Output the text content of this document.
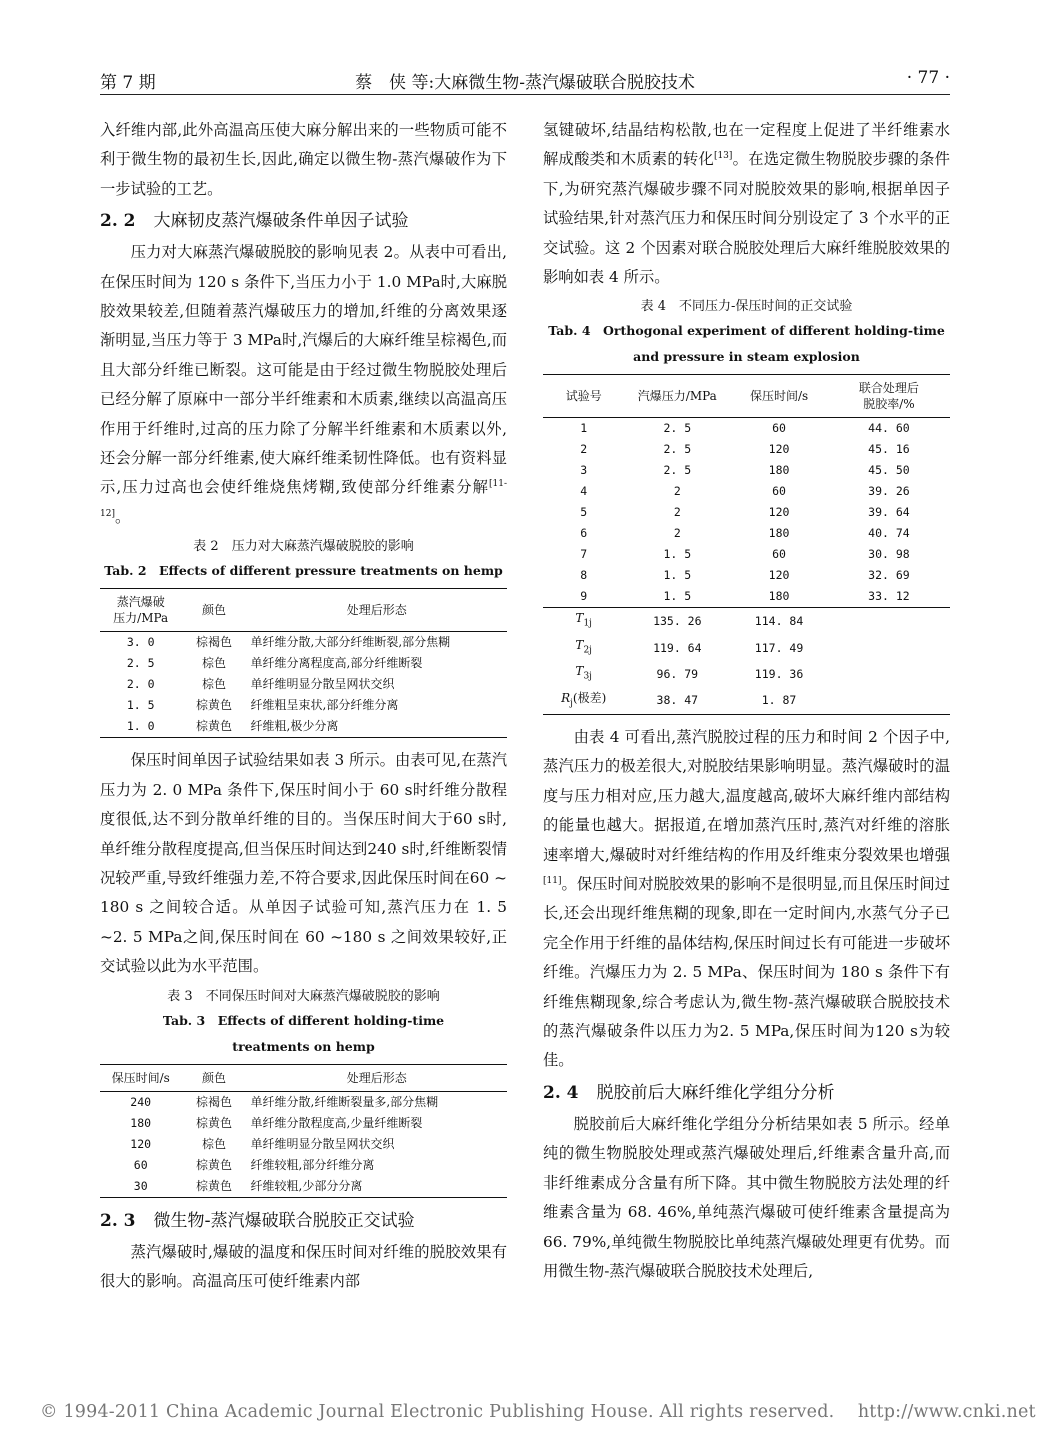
第 7 期	蔡　侠 等:大麻微生物-蒸汽爆破联合脱胶技术	· 77 ·

入纤维内部,此外高温高压使大麻分解出来的一些物质可能不利于微生物的最初生长,因此,确定以微生物-蒸汽爆破作为下一步试验的工艺。

2. 2 大麻韧皮蒸汽爆破条件单因子试验

压力对大麻蒸汽爆破脱胶的影响见表 2。从表中可看出,在保压时间为 120 s 条件下,当压力小于 1.0 MPa时,大麻脱胶效果较差,但随着蒸汽爆破压力的增加,纤维的分离效果逐渐明显,当压力等于 3 MPa时,汽爆后的大麻纤维呈棕褐色,而且大部分纤维已断裂。这可能是由于经过微生物脱胶处理后已经分解了原麻中一部分半纤维素和木质素,继续以高温高压作用于纤维时,过高的压力除了分解半纤维素和木质素以外,还会分解一部分纤维素,使大麻纤维柔韧性降低。也有资料显示,压力过高也会使纤维烧焦烤糊,致使部分纤维素分解[11-12]。

表 2　压力对大麻蒸汽爆破脱胶的影响
Tab. 2　Effects of different pressure treatments on hemp
蒸汽爆破
压力/MPa	颜色	处理后形态
3. 0	棕褐色	单纤维分散,大部分纤维断裂,部分焦糊
2. 5	棕色	单纤维分离程度高,部分纤维断裂
2. 0	棕色	单纤维明显分散呈网状交织
1. 5	棕黄色	纤维粗呈束状,部分纤维分离
1. 0	棕黄色	纤维粗,极少分离

保压时间单因子试验结果如表 3 所示。由表可见,在蒸汽压力为 2. 0 MPa 条件下,保压时间小于 60 s时纤维分散程度很低,达不到分散单纤维的目的。当保压时间大于60 s时,单纤维分散程度提高,但当保压时间达到240 s时,纤维断裂情况较严重,导致纤维强力差,不符合要求,因此保压时间在60 ~ 180 s 之间较合适。从单因子试验可知,蒸汽压力在 1. 5 ~2. 5 MPa之间,保压时间在 60 ~180 s 之间效果较好,正交试验以此为水平范围。

表 3　不同保压时间对大麻蒸汽爆破脱胶的影响
Tab. 3　Effects of different holding-time
treatments on hemp
保压时间/s	颜色	处理后形态
240	棕褐色	单纤维分散,纤维断裂量多,部分焦糊
180	棕黄色	单纤维分散程度高,少量纤维断裂
120	棕色	单纤维明显分散呈网状交织
60	棕黄色	纤维较粗,部分纤维分离
30	棕黄色	纤维较粗,少部分分离
2. 3 微生物-蒸汽爆破联合脱胶正交试验

蒸汽爆破时,爆破的温度和保压时间对纤维的脱胶效果有很大的影响。高温高压可使纤维素内部

氢键破坏,结晶结构松散,也在一定程度上促进了半纤维素水解成酸类和木质素的转化[13]。在选定微生物脱胶步骤的条件下,为研究蒸汽爆破步骤不同对脱胶效果的影响,根据单因子试验结果,针对蒸汽压力和保压时间分别设定了 3 个水平的正交试验。这 2 个因素对联合脱胶处理后大麻纤维脱胶效果的影响如表 4 所示。

表 4　不同压力-保压时间的正交试验
Tab. 4　Orthogonal experiment of different holding-time
and pressure in steam explosion
试验号	汽爆压力/MPa	保压时间/s	联合处理后
脱胶率/%
1	2. 5	60	44. 60
2	2. 5	120	45. 16
3	2. 5	180	45. 50
4	2	60	39. 26
5	2	120	39. 64
6	2	180	40. 74
7	1. 5	60	30. 98
8	1. 5	120	32. 69
9	1. 5	180	33. 12
$T_{1j}$	135. 26	114. 84	
$T_{2j}$	119. 64	117. 49	
$T_{3j}$	96. 79	119. 36	
$R_j$(极差)	38. 47	1. 87	

由表 4 可看出,蒸汽脱胶过程的压力和时间 2 个因子中,蒸汽压力的极差很大,对脱胶结果影响明显。蒸汽爆破时的温度与压力相对应,压力越大,温度越高,破坏大麻纤维内部结构的能量也越大。据报道,在增加蒸汽压时,蒸汽对纤维的溶胀速率增大,爆破时对纤维结构的作用及纤维束分裂效果也增强[11]。保压时间对脱胶效果的影响不是很明显,而且保压时间过长,还会出现纤维焦糊的现象,即在一定时间内,水蒸气分子已完全作用于纤维的晶体结构,保压时间过长有可能进一步破坏纤维。汽爆压力为 2. 5 MPa、保压时间为 180 s 条件下有纤维焦糊现象,综合考虑认为,微生物-蒸汽爆破联合脱胶技术的蒸汽爆破条件以压力为2. 5 MPa,保压时间为120 s为较佳。

2. 4 脱胶前后大麻纤维化学组分分析

脱胶前后大麻纤维化学组分分析结果如表 5 所示。经单纯的微生物脱胶处理或蒸汽爆破处理后,纤维素含量升高,而非纤维素成分含量有所下降。其中微生物脱胶方法处理的纤维素含量为 68. 46%,单纯蒸汽爆破可使纤维素含量提高为 66. 79%,单纯微生物脱胶比单纯蒸汽爆破处理更有优势。而用微生物-蒸汽爆破联合脱胶技术处理后,

© 1994-2011 China Academic Journal Electronic Publishing House. All rights reserved.　 http://www.cnki.net
